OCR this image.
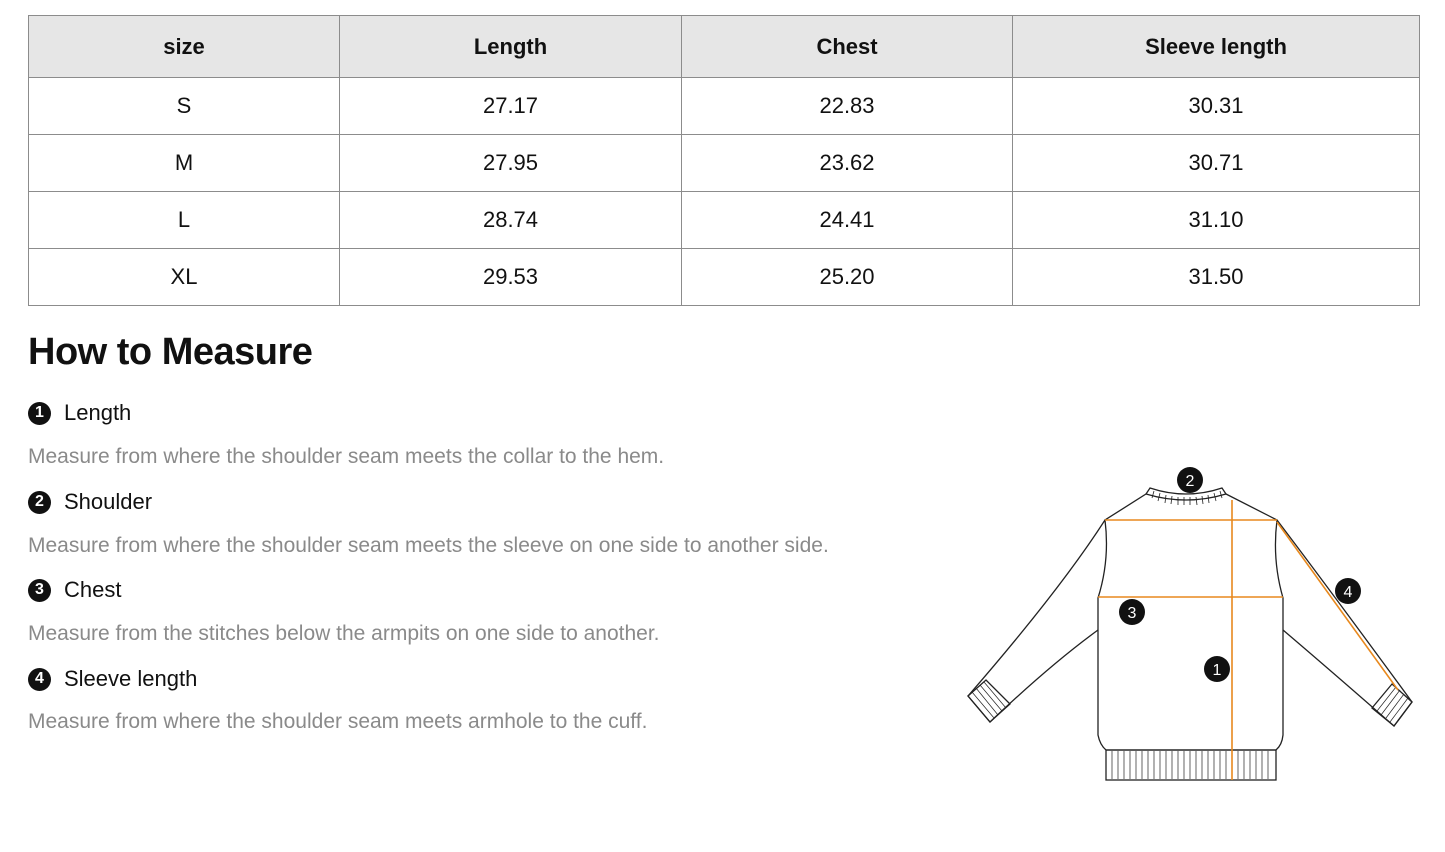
size	Length	Chest	Sleeve length
S	27.17	22.83	30.31
M	27.95	23.62	30.71
L	28.74	24.41	31.10
XL	29.53	25.20	31.50
How to Measure
1 Length
Measure from where the shoulder seam meets the collar to the hem.
2 Shoulder
Measure from where the shoulder seam meets the sleeve on one side to another side.
3 Chest
Measure from the stitches below the armpits on one side to another.
4 Sleeve length
Measure from where the shoulder seam meets armhole to the cuff.
2
3
1
4
